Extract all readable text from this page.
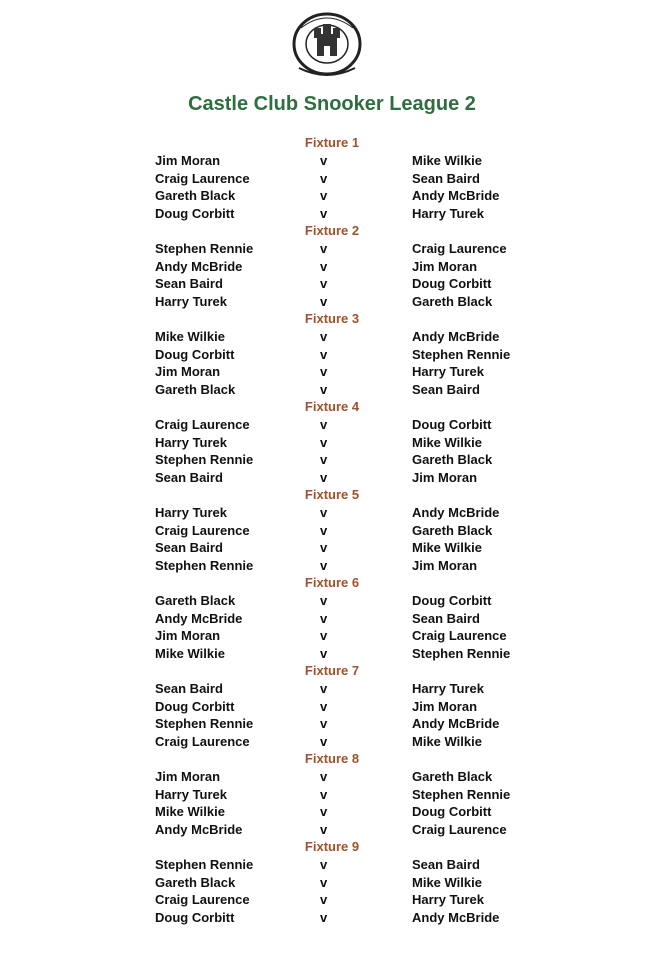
Castle Club Snooker League 2
Fixture 1
Jim Moran	v	Mike Wilkie
Craig Laurence	v	Sean Baird
Gareth Black	v	Andy McBride
Doug Corbitt	v	Harry Turek
Fixture 2
Stephen Rennie	v	Craig Laurence
Andy McBride	v	Jim Moran
Sean Baird	v	Doug Corbitt
Harry Turek	v	Gareth Black
Fixture 3
Mike Wilkie	v	Andy McBride
Doug Corbitt	v	Stephen Rennie
Jim Moran	v	Harry Turek
Gareth Black	v	Sean Baird
Fixture 4
Craig Laurence	v	Doug Corbitt
Harry Turek	v	Mike Wilkie
Stephen Rennie	v	Gareth Black
Sean Baird	v	Jim Moran
Fixture 5
Harry Turek	v	Andy McBride
Craig Laurence	v	Gareth Black
Sean Baird	v	Mike Wilkie
Stephen Rennie	v	Jim Moran
Fixture 6
Gareth Black	v	Doug Corbitt
Andy McBride	v	Sean Baird
Jim Moran	v	Craig Laurence
Mike Wilkie	v	Stephen Rennie
Fixture 7
Sean Baird	v	Harry Turek
Doug Corbitt	v	Jim Moran
Stephen Rennie	v	Andy McBride
Craig Laurence	v	Mike Wilkie
Fixture 8
Jim Moran	v	Gareth Black
Harry Turek	v	Stephen Rennie
Mike Wilkie	v	Doug Corbitt
Andy McBride	v	Craig Laurence
Fixture 9
Stephen Rennie	v	Sean Baird
Gareth Black	v	Mike Wilkie
Craig Laurence	v	Harry Turek
Doug Corbitt	v	Andy McBride
